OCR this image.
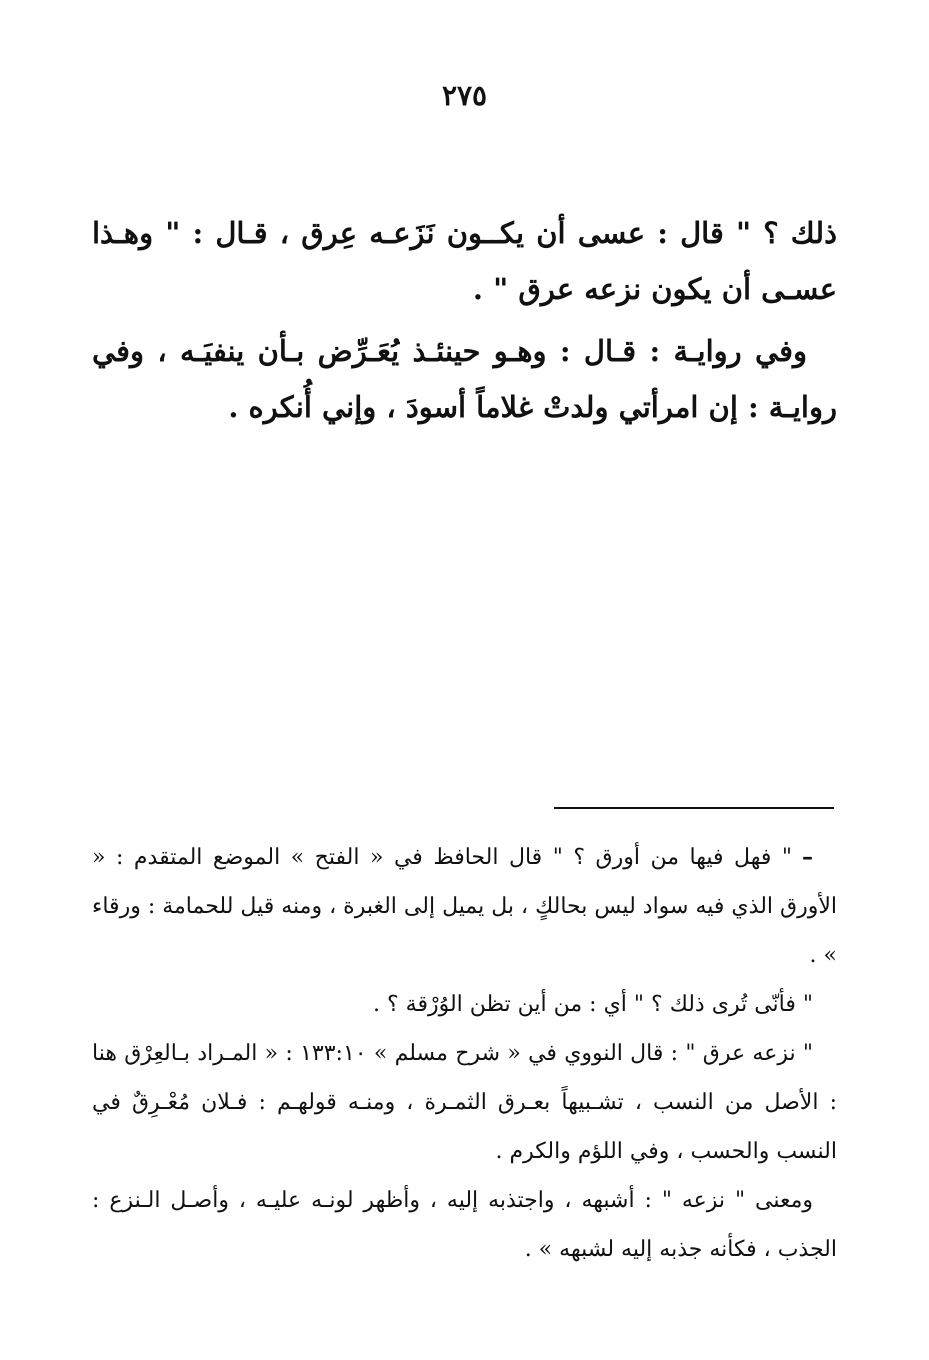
٢٧٥

ذلك ؟ " قال : عسى أن يكــون نَزَعـه عِرق ، قـال : " وهـذا عسـى أن يكون نزعه عرق " .

وفي روايـة : قـال : وهـو حينئـذ يُعَـرِّض بـأن ينفيَـه ، وفي روايـة : إن امرأتي ولدتْ غلاماً أسودَ ، وإني أُنكره .

–" فهل فيها من أورق ؟ " قال الحافظ في « الفتح » الموضع المتقدم : « الأورق الذي فيه سواد ليس بحالكٍ ، بل يميل إلى الغبرة ، ومنه قيل للحمامة : ورقاء » .

" فأنّى تُرى ذلك ؟ " أي : من أين تظن الوُرْقة ؟ .

" نزعه عرق " : قال النووي في « شرح مسلم » ١٣٣:١٠ : « المـراد بـالعِرْق هنا : الأصل من النسب ، تشـبيهاً بعـرق الثمـرة ، ومنـه قولهـم : فـلان مُعْـرِقٌ في النسب والحسب ، وفي اللؤم والكرم .

ومعنى " نزعه " : أشبهه ، واجتذبه إليه ، وأظهر لونـه عليـه ، وأصـل الـنزع : الجذب ، فكأنه جذبه إليه لشبهه » .
